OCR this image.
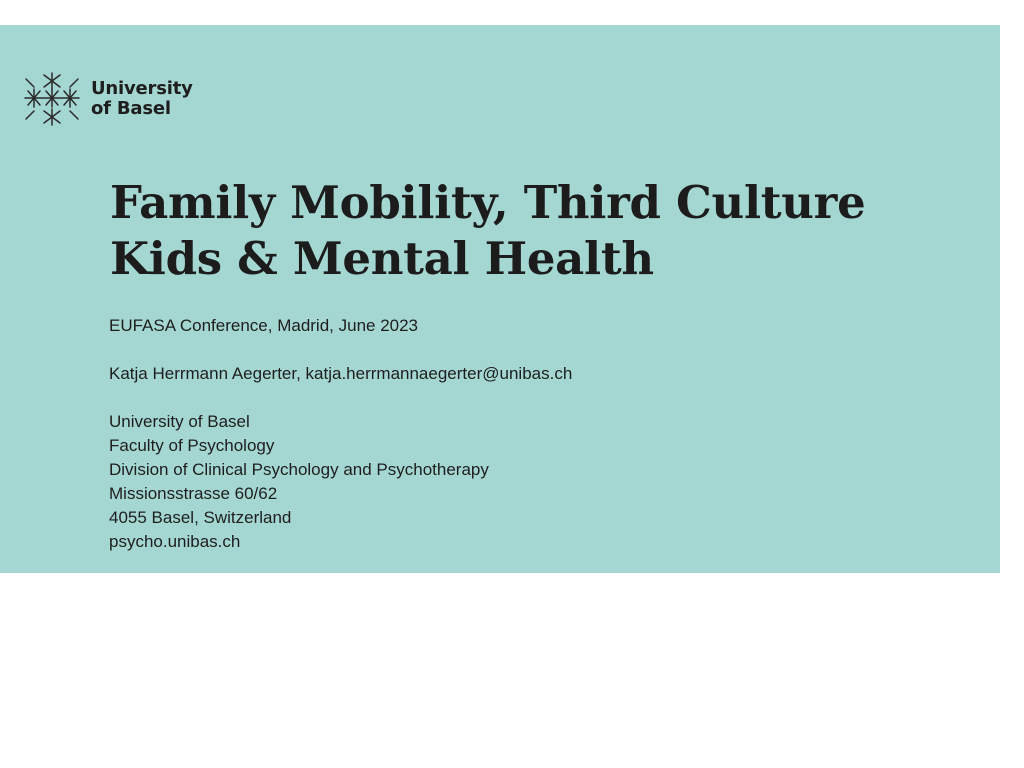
University
of Basel
Family Mobility, Third Culture
Kids & Mental Health
EUFASA Conference, Madrid, June 2023
Katja Herrmann Aegerter, katja.herrmannaegerter@unibas.ch
University of Basel
Faculty of Psychology
Division of Clinical Psychology and Psychotherapy
Missionsstrasse 60/62
4055 Basel, Switzerland
psycho.unibas.ch
